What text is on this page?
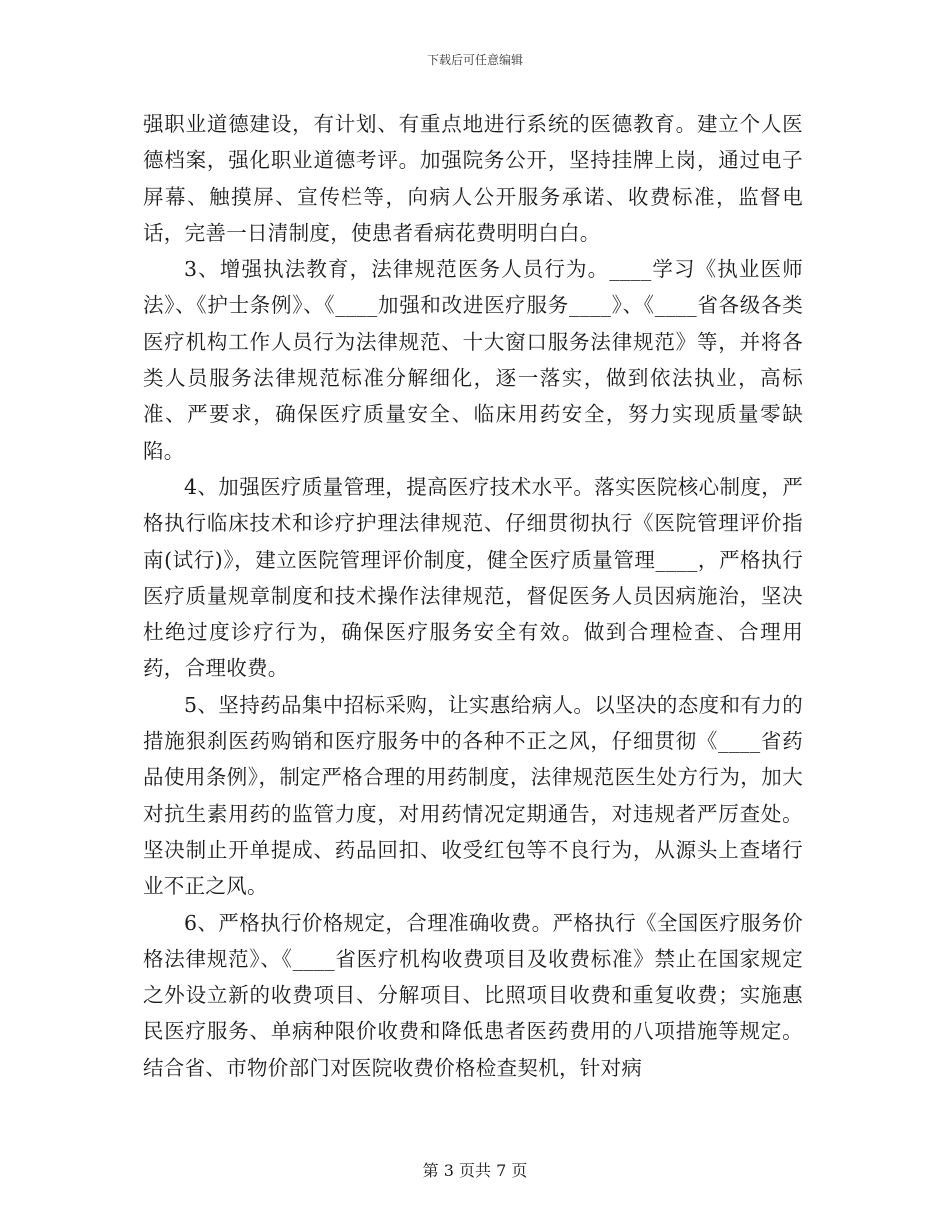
下载后可任意编辑

强职业道德建设，有计划、有重点地进行系统的医德教育。建立个人医德档案，强化职业道德考评。加强院务公开，坚持挂牌上岗，通过电子屏幕、触摸屏、宣传栏等，向病人公开服务承诺、收费标准，监督电话，完善一日清制度，使患者看病花费明明白白。

3、增强执法教育，法律规范医务人员行为。____学习《执业医师法》、《护士条例》、《____加强和改进医疗服务____》、《____省各级各类医疗机构工作人员行为法律规范、十大窗口服务法律规范》等，并将各类人员服务法律规范标准分解细化，逐一落实，做到依法执业，高标准、严要求，确保医疗质量安全、临床用药安全，努力实现质量零缺陷。

4、加强医疗质量管理，提高医疗技术水平。落实医院核心制度，严格执行临床技术和诊疗护理法律规范、仔细贯彻执行《医院管理评价指南(试行)》，建立医院管理评价制度，健全医疗质量管理____，严格执行医疗质量规章制度和技术操作法律规范，督促医务人员因病施治，坚决杜绝过度诊疗行为，确保医疗服务安全有效。做到合理检查、合理用药，合理收费。

5、坚持药品集中招标采购，让实惠给病人。以坚决的态度和有力的措施狠刹医药购销和医疗服务中的各种不正之风，仔细贯彻《____省药品使用条例》，制定严格合理的用药制度，法律规范医生处方行为，加大对抗生素用药的监管力度，对用药情况定期通告，对违规者严厉查处。坚决制止开单提成、药品回扣、收受红包等不良行为，从源头上查堵行业不正之风。

6、严格执行价格规定，合理准确收费。严格执行《全国医疗服务价格法律规范》、《____省医疗机构收费项目及收费标准》禁止在国家规定之外设立新的收费项目、分解项目、比照项目收费和重复收费；实施惠民医疗服务、单病种限价收费和降低患者医药费用的八项措施等规定。结合省、市物价部门对医院收费价格检查契机，针对病

第 3 页共 7 页
